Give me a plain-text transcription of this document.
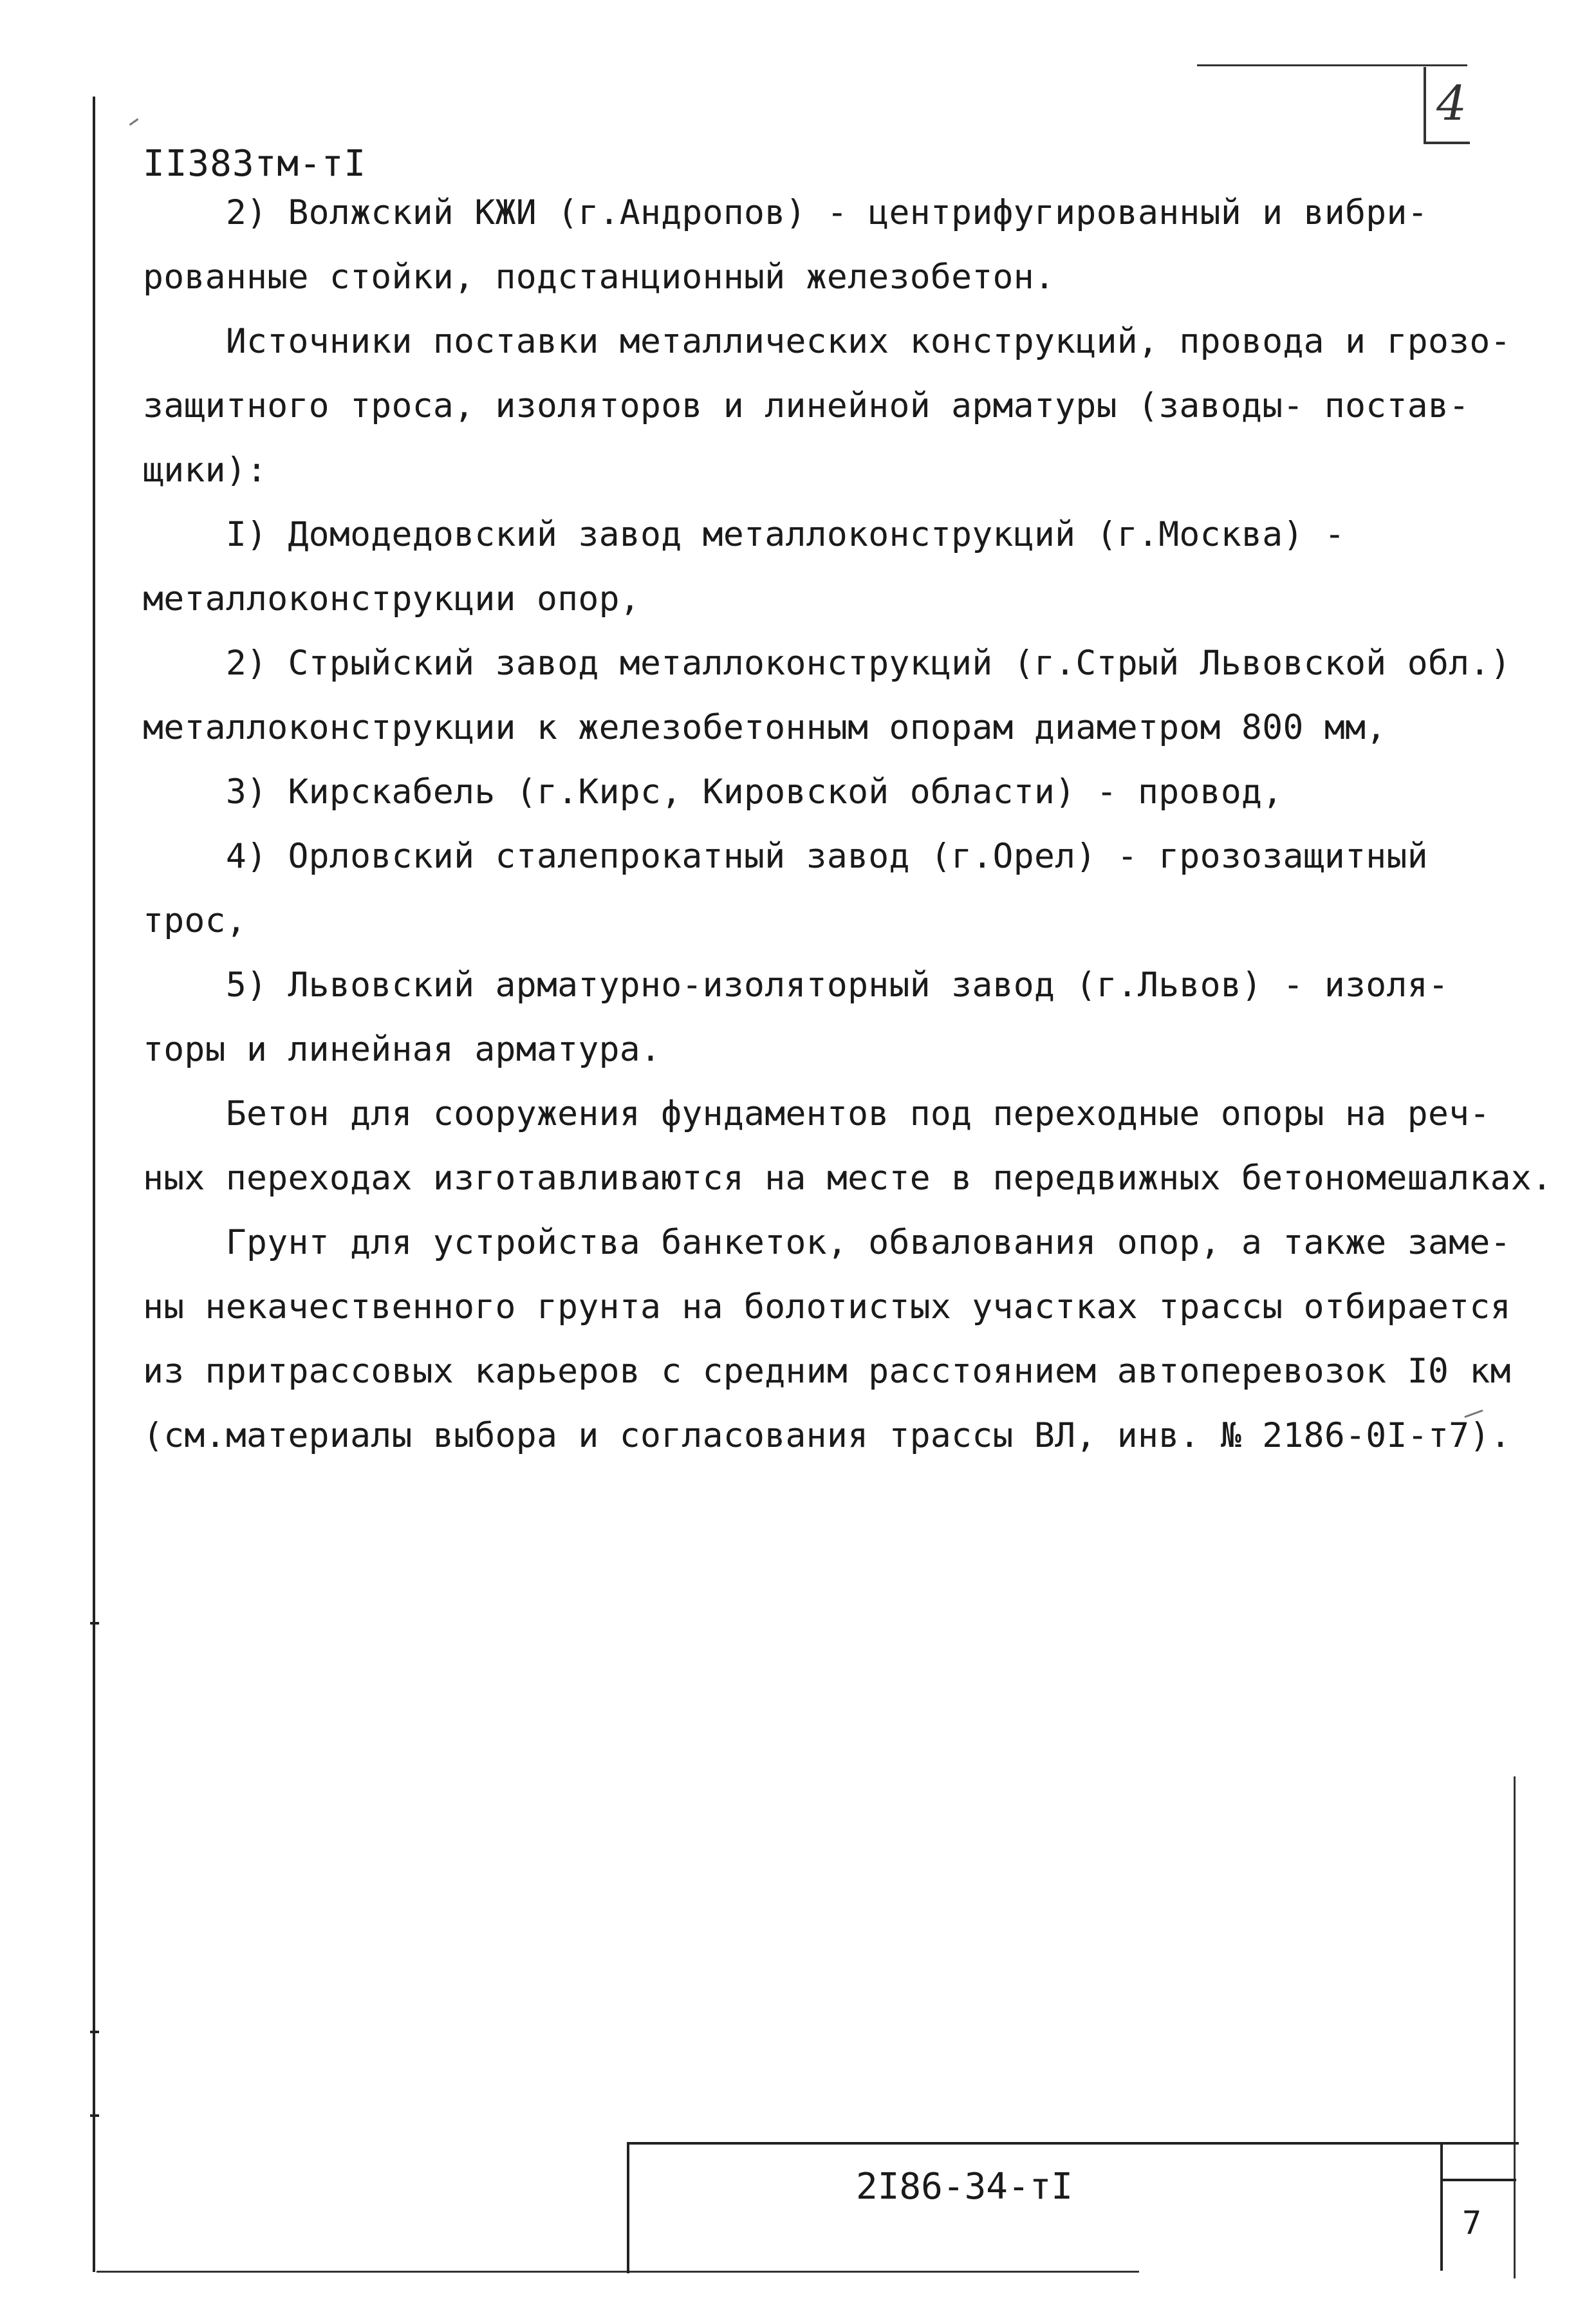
4
II383тм-тI
2) Волжский КЖИ (г.Андропов) - центрифугированный и вибри-
рованные стойки, подстанционный железобетон.
Источники поставки металлических конструкций, провода и грозо-
защитного троса, изоляторов и линейной арматуры (заводы- постав-
щики):
I) Домодедовский завод металлоконструкций (г.Москва) -
металлоконструкции опор,
2) Стрыйский завод металлоконструкций (г.Стрый Львовской обл.)
металлоконструкции к железобетонным опорам диаметром 800 мм,
3) Кирскабель (г.Кирс, Кировской области) - провод,
4) Орловский сталепрокатный завод (г.Орел) - грозозащитный
трос,
5) Львовский арматурно-изоляторный завод (г.Львов) - изоля-
торы и линейная арматура.
Бетон для сооружения фундаментов под переходные опоры на реч-
ных переходах изготавливаются на месте в передвижных бетономешалках.
Грунт для устройства банкеток, обвалования опор, а также заме-
ны некачественного грунта на болотистых участках трассы отбирается
из притрассовых карьеров с средним расстоянием автоперевозок I0 км
(см.материалы выбора и согласования трассы ВЛ, инв. № 2186-0I-т7).
2I86-34-тI
7
